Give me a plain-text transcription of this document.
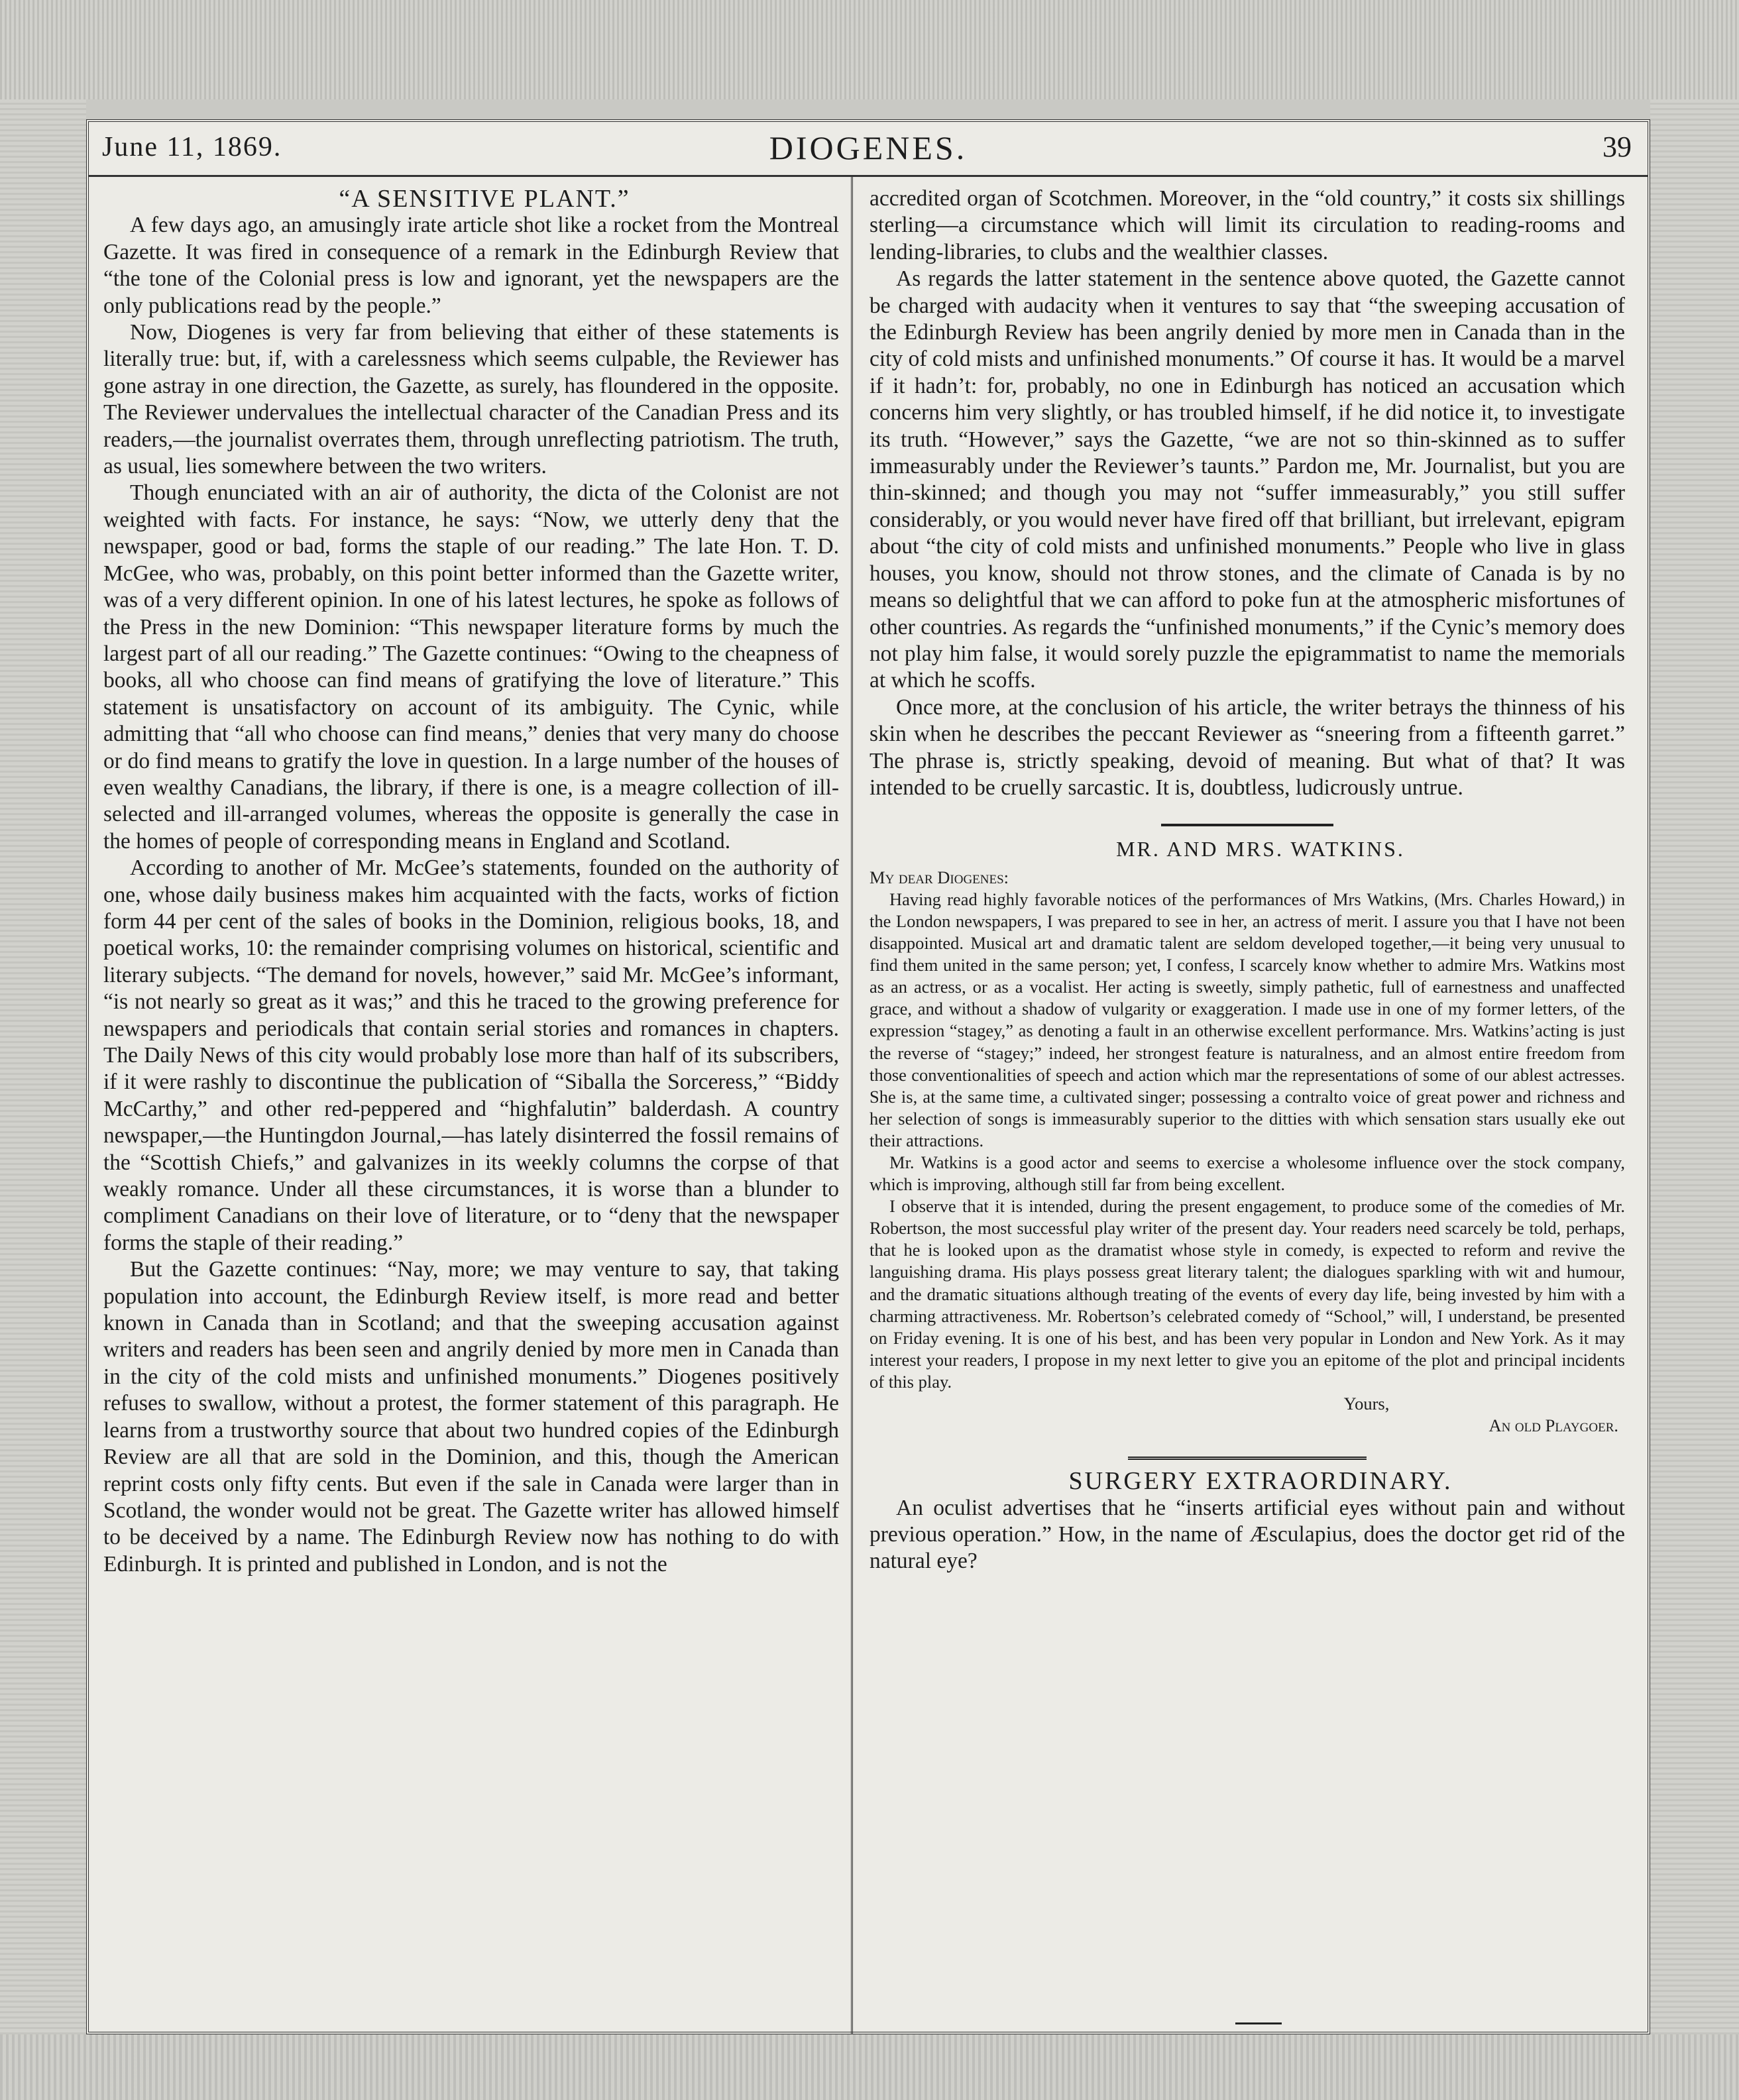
June 11, 1869.	DIOGENES.	39

“A SENSITIVE PLANT.”

A few days ago, an amusingly irate article shot like a rocket from the Montreal Gazette. It was fired in consequence of a remark in the Edinburgh Review that “the tone of the Colonial press is low and ignorant, yet the newspapers are the only publications read by the people.”

Now, Diogenes is very far from believing that either of these statements is literally true: but, if, with a carelessness which seems culpable, the Reviewer has gone astray in one direction, the Gazette, as surely, has floundered in the opposite. The Reviewer undervalues the intellectual character of the Canadian Press and its readers,—the journalist overrates them, through unreflecting patriotism. The truth, as usual, lies somewhere between the two writers.

Though enunciated with an air of authority, the dicta of the Colonist are not weighted with facts. For instance, he says: “Now, we utterly deny that the newspaper, good or bad, forms the staple of our reading.” The late Hon. T. D. McGee, who was, probably, on this point better informed than the Gazette writer, was of a very different opinion. In one of his latest lectures, he spoke as follows of the Press in the new Dominion: “This newspaper literature forms by much the largest part of all our reading.” The Gazette continues: “Owing to the cheapness of books, all who choose can find means of gratifying the love of literature.” This statement is unsatisfactory on account of its ambiguity. The Cynic, while admitting that “all who choose can find means,” denies that very many do choose or do find means to gratify the love in question. In a large number of the houses of even wealthy Canadians, the library, if there is one, is a meagre collection of ill-selected and ill-arranged volumes, whereas the opposite is generally the case in the homes of people of corresponding means in England and Scotland.

According to another of Mr. McGee’s statements, founded on the authority of one, whose daily business makes him acquainted with the facts, works of fiction form 44 per cent of the sales of books in the Dominion, religious books, 18, and poetical works, 10: the remainder comprising volumes on historical, scientific and literary subjects. “The demand for novels, however,” said Mr. McGee’s informant, “is not nearly so great as it was;” and this he traced to the growing preference for newspapers and periodicals that contain serial stories and romances in chapters. The Daily News of this city would probably lose more than half of its subscribers, if it were rashly to discontinue the publication of “Siballa the Sorceress,” “Biddy McCarthy,” and other red-peppered and “highfalutin” balderdash. A country newspaper,—the Huntingdon Journal,—has lately disinterred the fossil remains of the “Scottish Chiefs,” and galvanizes in its weekly columns the corpse of that weakly romance. Under all these circumstances, it is worse than a blunder to compliment Canadians on their love of literature, or to “deny that the newspaper forms the staple of their reading.”

But the Gazette continues: “Nay, more; we may venture to say, that taking population into account, the Edinburgh Review itself, is more read and better known in Canada than in Scotland; and that the sweeping accusation against writers and readers has been seen and angrily denied by more men in Canada than in the city of the cold mists and unfinished monuments.” Diogenes positively refuses to swallow, without a protest, the former statement of this paragraph. He learns from a trustworthy source that about two hundred copies of the Edinburgh Review are all that are sold in the Dominion, and this, though the American reprint costs only fifty cents. But even if the sale in Canada were larger than in Scotland, the wonder would not be great. The Gazette writer has allowed himself to be deceived by a name. The Edinburgh Review now has nothing to do with Edinburgh. It is printed and published in London, and is not the

accredited organ of Scotchmen. Moreover, in the “old country,” it costs six shillings sterling—a circumstance which will limit its circulation to reading-rooms and lending-libraries, to clubs and the wealthier classes.

As regards the latter statement in the sentence above quoted, the Gazette cannot be charged with audacity when it ventures to say that “the sweeping accusation of the Edinburgh Review has been angrily denied by more men in Canada than in the city of cold mists and unfinished monuments.” Of course it has. It would be a marvel if it hadn’t: for, probably, no one in Edinburgh has noticed an accusation which concerns him very slightly, or has troubled himself, if he did notice it, to investigate its truth. “However,” says the Gazette, “we are not so thin-skinned as to suffer immeasurably under the Reviewer’s taunts.” Pardon me, Mr. Journalist, but you are thin-skinned; and though you may not “suffer immeasurably,” you still suffer considerably, or you would never have fired off that brilliant, but irrelevant, epigram about “the city of cold mists and unfinished monuments.” People who live in glass houses, you know, should not throw stones, and the climate of Canada is by no means so delightful that we can afford to poke fun at the atmospheric misfortunes of other countries. As regards the “unfinished monuments,” if the Cynic’s memory does not play him false, it would sorely puzzle the epigrammatist to name the memorials at which he scoffs.

Once more, at the conclusion of his article, the writer betrays the thinness of his skin when he describes the peccant Reviewer as “sneering from a fifteenth garret.” The phrase is, strictly speaking, devoid of meaning. But what of that? It was intended to be cruelly sarcastic. It is, doubtless, ludicrously untrue.

MR. AND MRS. WATKINS.

My dear Diogenes:

Having read highly favorable notices of the performances of Mrs Watkins, (Mrs. Charles Howard,) in the London newspapers, I was prepared to see in her, an actress of merit. I assure you that I have not been disappointed. Musical art and dramatic talent are seldom developed together,—it being very unusual to find them united in the same person; yet, I confess, I scarcely know whether to admire Mrs. Watkins most as an actress, or as a vocalist. Her acting is sweetly, simply pathetic, full of earnestness and unaffected grace, and without a shadow of vulgarity or exaggeration. I made use in one of my former letters, of the expression “stagey,” as denoting a fault in an otherwise excellent performance. Mrs. Watkins’acting is just the reverse of “stagey;” indeed, her strongest feature is naturalness, and an almost entire freedom from those conventionalities of speech and action which mar the representations of some of our ablest actresses. She is, at the same time, a cultivated singer; possessing a contralto voice of great power and richness and her selection of songs is immeasurably superior to the ditties with which sensation stars usually eke out their attractions.

Mr. Watkins is a good actor and seems to exercise a wholesome influence over the stock company, which is improving, although still far from being excellent.

I observe that it is intended, during the present engagement, to produce some of the comedies of Mr. Robertson, the most successful play writer of the present day. Your readers need scarcely be told, perhaps, that he is looked upon as the dramatist whose style in comedy, is expected to reform and revive the languishing drama. His plays possess great literary talent; the dialogues sparkling with wit and humour, and the dramatic situations although treating of the events of every day life, being invested by him with a charming attractiveness. Mr. Robertson’s celebrated comedy of “School,” will, I understand, be presented on Friday evening. It is one of his best, and has been very popular in London and New York. As it may interest your readers, I propose in my next letter to give you an epitome of the plot and principal incidents of this play.

Yours,

An old Playgoer.

SURGERY EXTRAORDINARY.

An oculist advertises that he “inserts artificial eyes without pain and without previous operation.” How, in the name of Æsculapius, does the doctor get rid of the natural eye?
